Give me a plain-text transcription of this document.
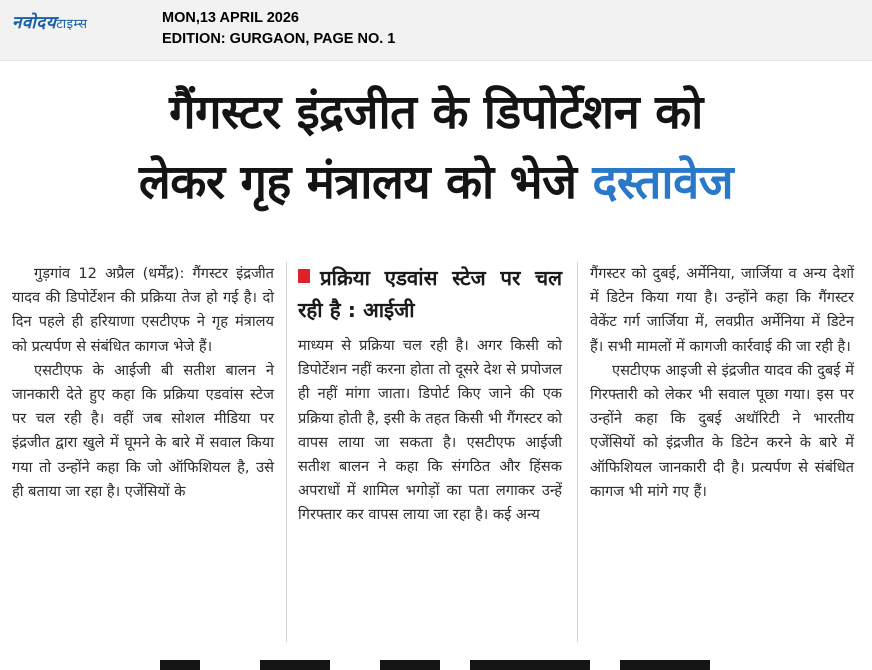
नवोदयटाइम्स	MON,13 APRIL 2026
EDITION: GURGAON, PAGE NO. 1
गैंगस्टर इंद्रजीत के डिपोर्टेशन को
लेकर गृह मंत्रालय को भेजे दस्तावेज

गुड़गांव 12 अप्रैल (धर्मेंद्र): गैंगस्टर इंद्रजीत यादव की डिपोर्टेशन की प्रक्रिया तेज हो गई है। दो दिन पहले ही हरियाणा एसटीएफ ने गृह मंत्रालय को प्रत्यर्पण से संबंधित कागज भेजे हैं।

एसटीएफ के आईजी बी सतीश बालन ने जानकारी देते हुए कहा कि प्रक्रिया एडवांस स्टेज पर चल रही है। वहीं जब सोशल मीडिया पर इंद्रजीत द्वारा खुले में घूमने के बारे में सवाल किया गया तो उन्होंने कहा कि जो ऑफिशियल है, उसे ही बताया जा रहा है। एजेंसियों के

प्रक्रिया एडवांस स्टेज पर चल रही है : आईजी

माध्यम से प्रक्रिया चल रही है। अगर किसी को डिपोर्टेशन नहीं करना होता तो दूसरे देश से प्रपोजल ही नहीं मांगा जाता। डिपोर्ट किए जाने की एक प्रक्रिया होती है, इसी के तहत किसी भी गैंगस्टर को वापस लाया जा सकता है। एसटीएफ आईजी सतीश बालन ने कहा कि संगठित और हिंसक अपराधों में शामिल भगोड़ों का पता लगाकर उन्हें गिरफ्तार कर वापस लाया जा रहा है। कई अन्य

गैंगस्टर को दुबई, अर्मेनिया, जार्जिया व अन्य देशों में डिटेन किया गया है। उन्होंने कहा कि गैंगस्टर वेकेंट गर्ग जार्जिया में, लवप्रीत अर्मेनिया में डिटेन हैं। सभी मामलों में कागजी कार्रवाई की जा रही है।

एसटीएफ आइजी से इंद्रजीत यादव की दुबई में गिरफ्तारी को लेकर भी सवाल पूछा गया। इस पर उन्होंने कहा कि दुबई अथॉरिटी ने भारतीय एजेंसियों को इंद्रजीत के डिटेन करने के बारे में ऑफिशियल जानकारी दी है। प्रत्यर्पण से संबंधित कागज भी मांगे गए हैं।
